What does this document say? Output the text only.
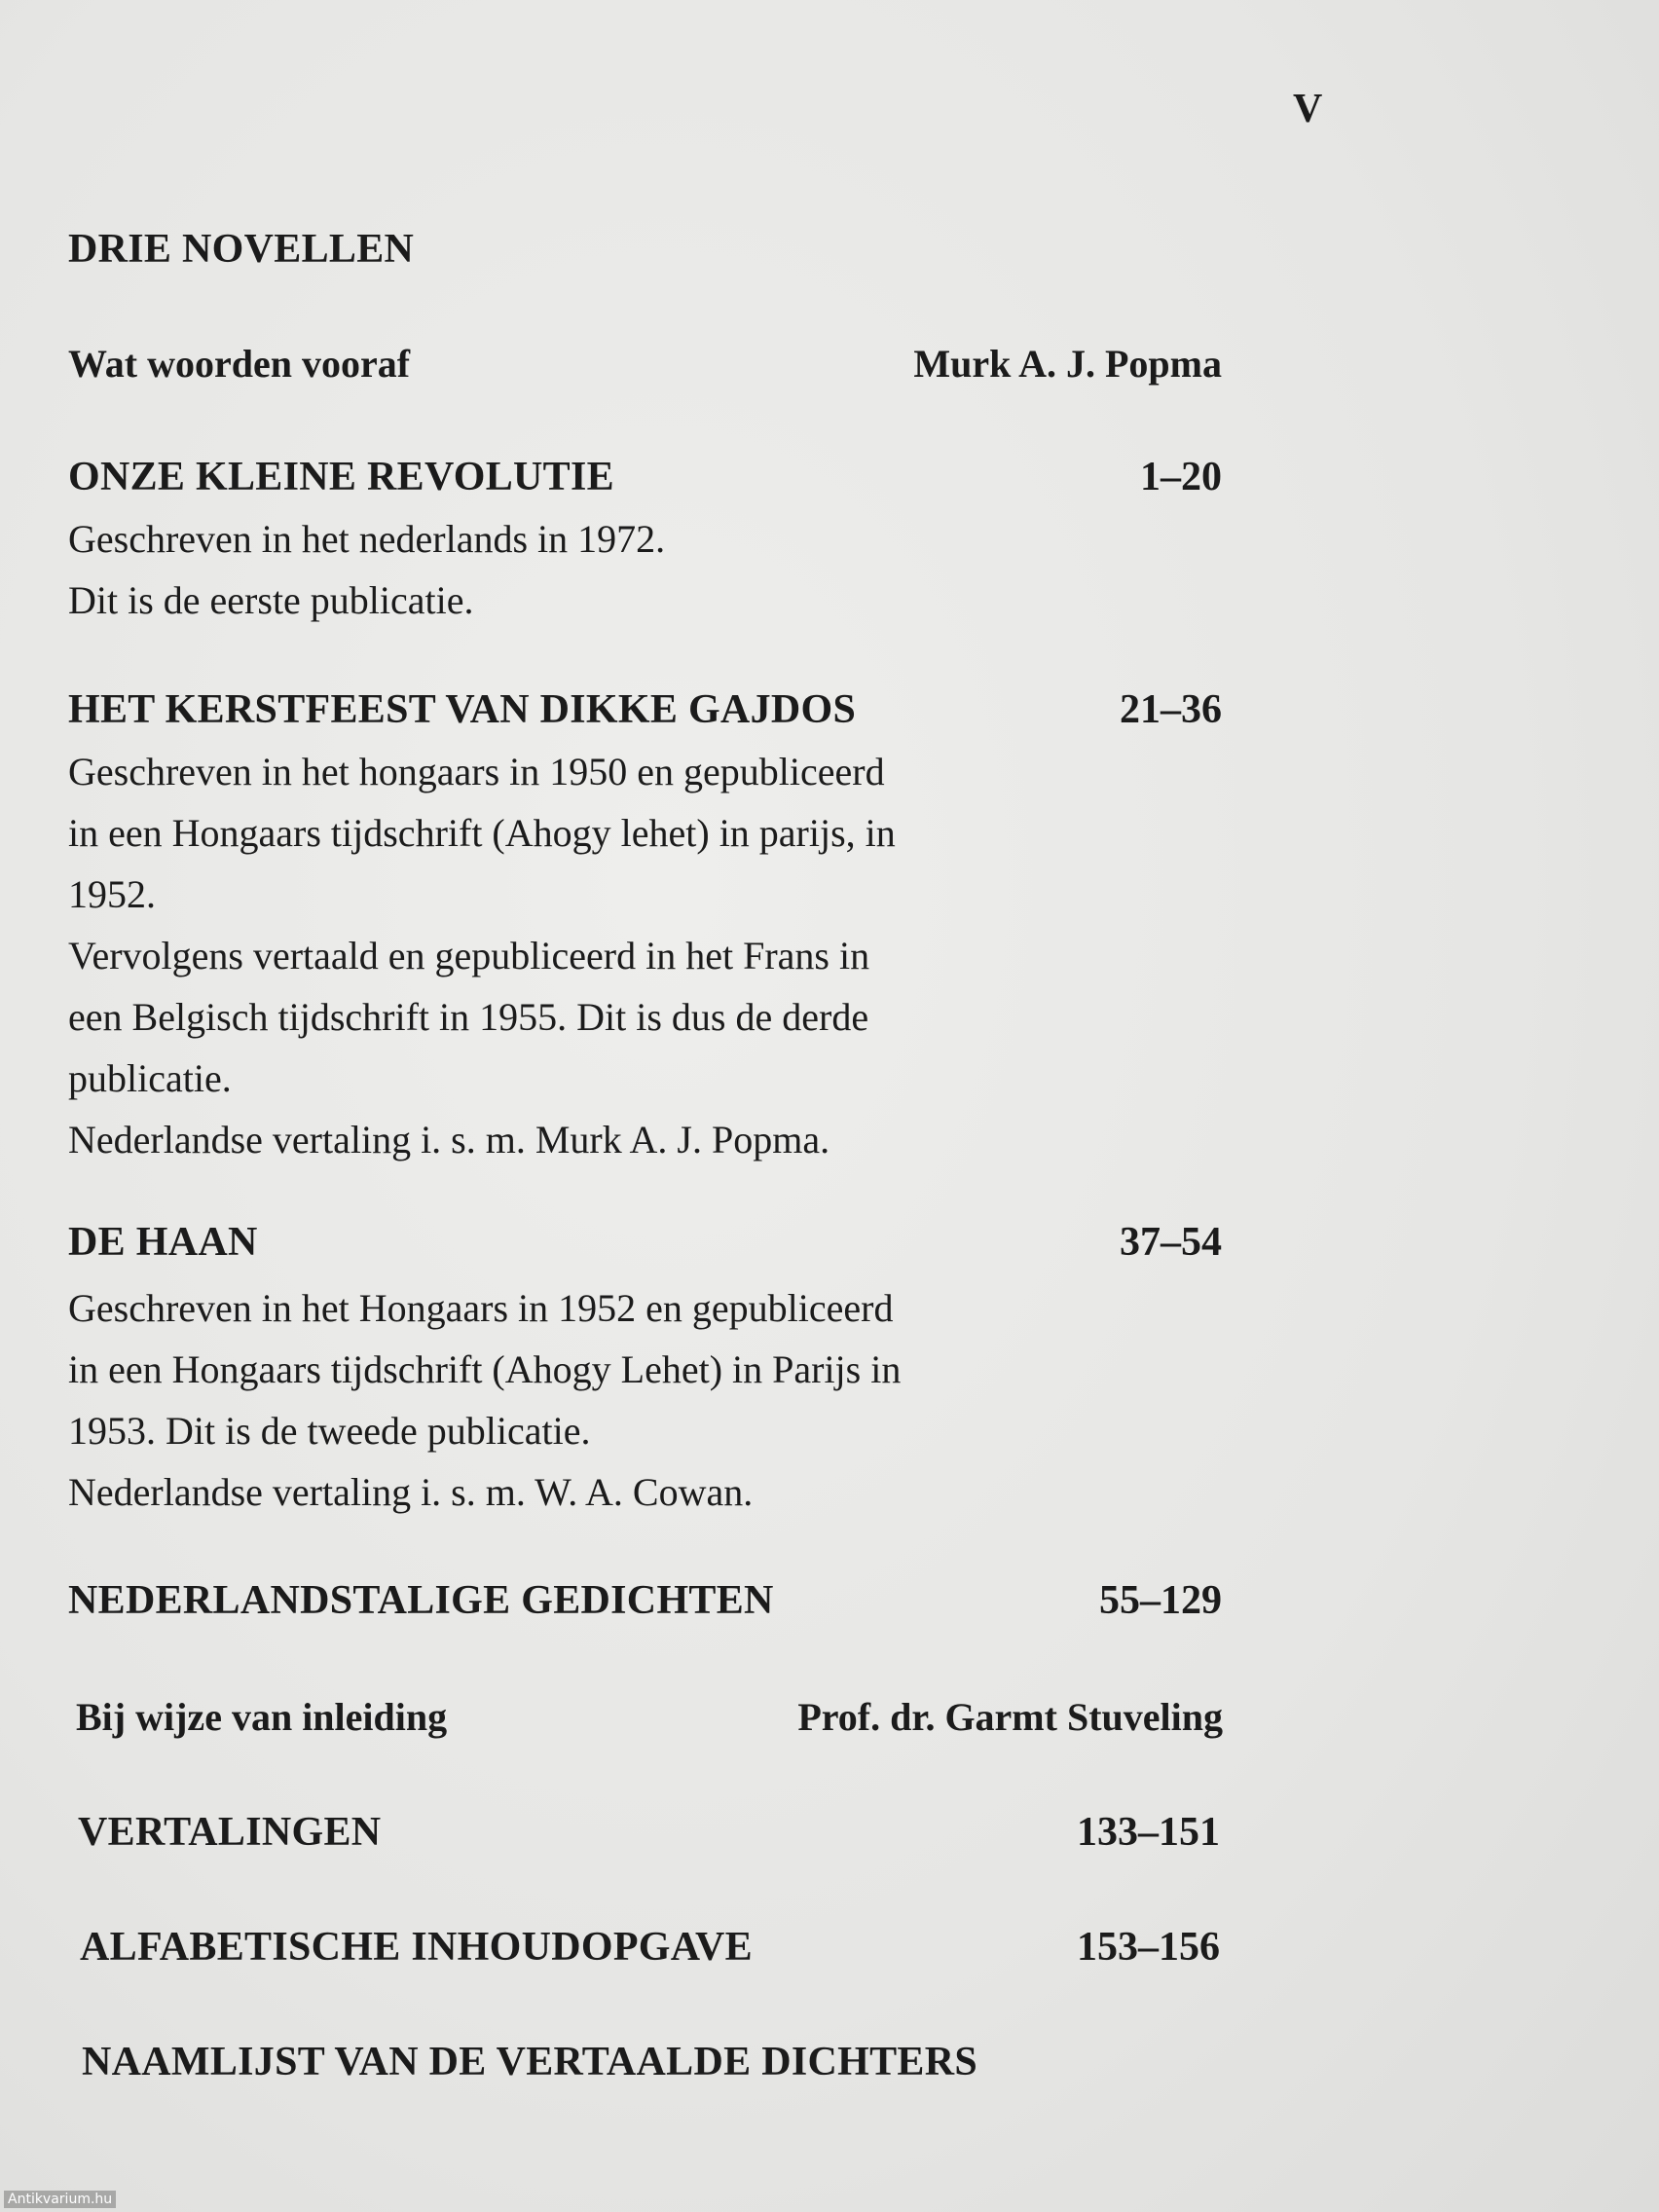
V
DRIE NOVELLEN
Wat woorden vooraf	Murk A. J. Popma
ONZE KLEINE REVOLUTIE	1–20

Geschreven in het nederlands in 1972.

Dit is de eerste publicatie.

HET KERSTFEEST VAN DIKKE GAJDOS	21–36

Geschreven in het hongaars in 1950 en gepubliceerd

in een Hongaars tijdschrift (Ahogy lehet) in parijs, in

1952.

Vervolgens vertaald en gepubliceerd in het Frans in

een Belgisch tijdschrift in 1955. Dit is dus de derde

publicatie.

Nederlandse vertaling i. s. m. Murk A. J. Popma.

DE HAAN	37–54

Geschreven in het Hongaars in 1952 en gepubliceerd

in een Hongaars tijdschrift (Ahogy Lehet) in Parijs in

1953. Dit is de tweede publicatie.

Nederlandse vertaling i. s. m. W. A. Cowan.

NEDERLANDSTALIGE GEDICHTEN	55–129
Bij wijze van inleiding	Prof. dr. Garmt Stuveling
VERTALINGEN	133–151
ALFABETISCHE INHOUDOPGAVE	153–156
NAAMLIJST VAN DE VERTAALDE DICHTERS
Antikvarium.hu
